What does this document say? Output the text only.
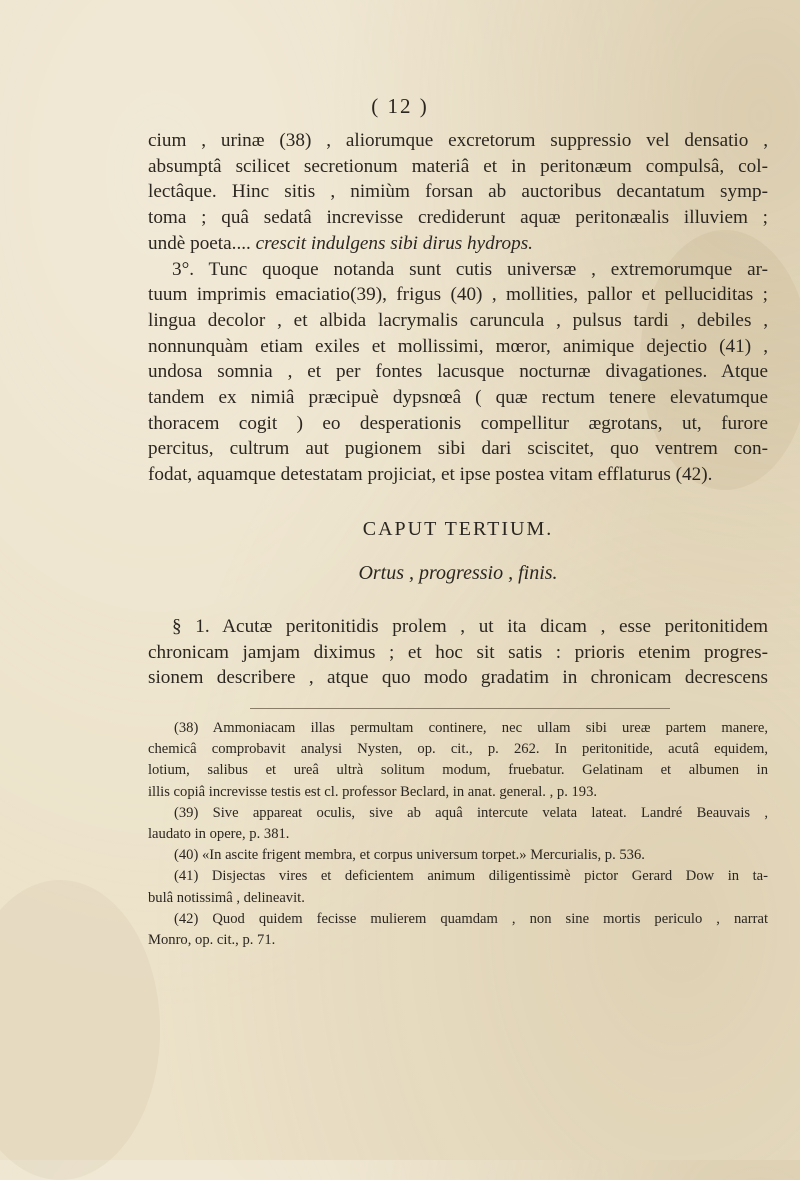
( 12 )
cium , urinæ (38) , aliorumque excretorum suppressio vel densatio ,
absumptâ scilicet secretionum materiâ et in peritonæum compulsâ, col-
lectâque. Hinc sitis , nimiùm forsan ab auctoribus decantatum symp-
toma ; quâ sedatâ increvisse crediderunt aquæ peritonæalis illuviem ;
undè poeta.... crescit indulgens sibi dirus hydrops.
3°. Tunc quoque notanda sunt cutis universæ , extremorumque ar-
tuum imprimis emaciatio(39), frigus (40) , mollities, pallor et pelluciditas ;
lingua decolor , et albida lacrymalis caruncula , pulsus tardi , debiles ,
nonnunquàm etiam exiles et mollissimi, mœror, animique dejectio (41) ,
undosa somnia , et per fontes lacusque nocturnæ divagationes. Atque
tandem ex nimiâ præcipuè dypsnœâ ( quæ rectum tenere elevatumque
thoracem cogit ) eo desperationis compellitur ægrotans, ut, furore
percitus, cultrum aut pugionem sibi dari sciscitet, quo ventrem con-
fodat, aquamque detestatam projiciat, et ipse postea vitam efflaturus (42).
CAPUT TERTIUM.
Ortus , progressio , finis.
§ 1. Acutæ peritonitidis prolem , ut ita dicam , esse peritonitidem
chronicam jamjam diximus ; et hoc sit satis : prioris etenim progres-
sionem describere , atque quo modo gradatim in chronicam decrescens
(38) Ammoniacam illas permultam continere, nec ullam sibi ureæ partem manere,
chemicâ comprobavit analysi Nysten, op. cit., p. 262. In peritonitide, acutâ equidem,
lotium, salibus et ureâ ultrà solitum modum, fruebatur. Gelatinam et albumen in
illis copiâ increvisse testis est cl. professor Beclard, in anat. general. , p. 193.
(39) Sive appareat oculis, sive ab aquâ intercute velata lateat. Landré Beauvais ,
laudato in opere, p. 381.
(40) «In ascite frigent membra, et corpus universum torpet.» Mercurialis, p. 536.
(41) Disjectas vires et deficientem animum diligentissimè pictor Gerard Dow in ta-
bulâ notissimâ , delineavit.
(42) Quod quidem fecisse mulierem quamdam , non sine mortis periculo , narrat
Monro, op. cit., p. 71.
